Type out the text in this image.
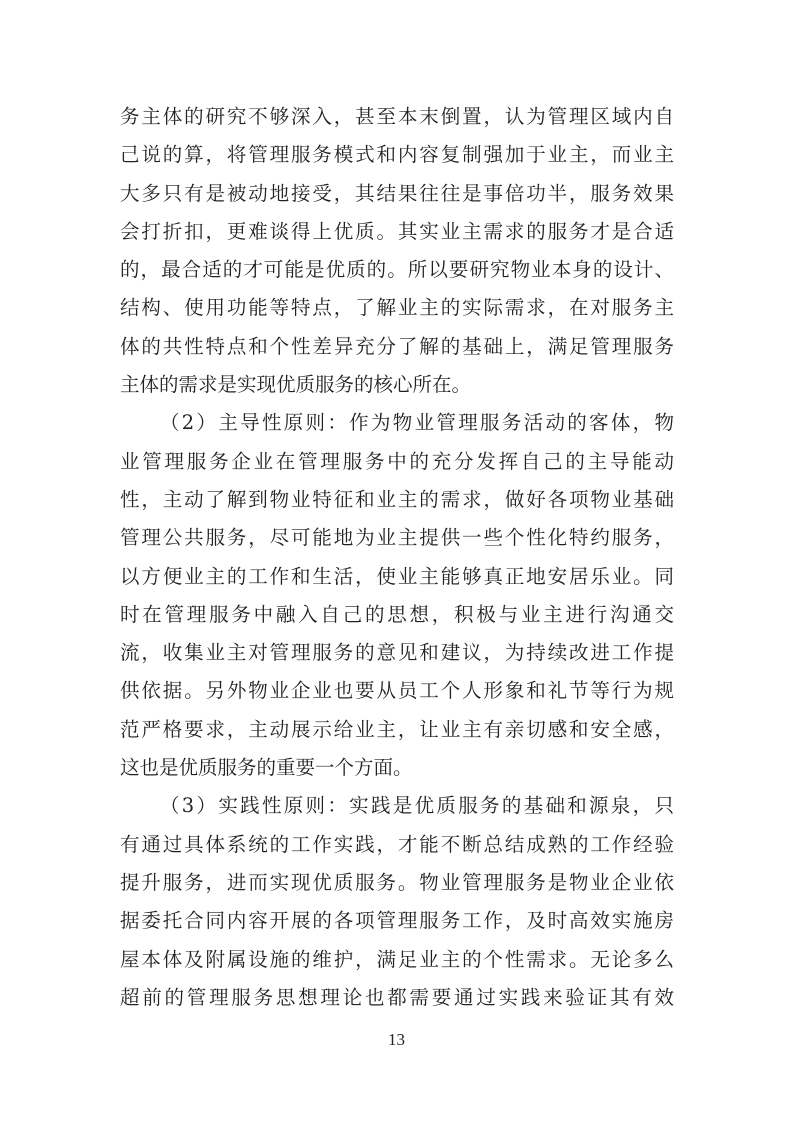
务主体的研究不够深入，甚至本末倒置，认为管理区域内自
己说的算，将管理服务模式和内容复制强加于业主，而业主
大多只有是被动地接受，其结果往往是事倍功半，服务效果
会打折扣，更难谈得上优质。其实业主需求的服务才是合适
的，最合适的才可能是优质的。所以要研究物业本身的设计、
结构、使用功能等特点，了解业主的实际需求，在对服务主
体的共性特点和个性差异充分了解的基础上，满足管理服务
主体的需求是实现优质服务的核心所在。
（2）主导性原则：作为物业管理服务活动的客体，物
业管理服务企业在管理服务中的充分发挥自己的主导能动
性，主动了解到物业特征和业主的需求，做好各项物业基础
管理公共服务，尽可能地为业主提供一些个性化特约服务，
以方便业主的工作和生活，使业主能够真正地安居乐业。同
时在管理服务中融入自己的思想，积极与业主进行沟通交
流，收集业主对管理服务的意见和建议，为持续改进工作提
供依据。另外物业企业也要从员工个人形象和礼节等行为规
范严格要求，主动展示给业主，让业主有亲切感和安全感，
这也是优质服务的重要一个方面。
（3）实践性原则：实践是优质服务的基础和源泉，只
有通过具体系统的工作实践，才能不断总结成熟的工作经验
提升服务，进而实现优质服务。物业管理服务是物业企业依
据委托合同内容开展的各项管理服务工作，及时高效实施房
屋本体及附属设施的维护，满足业主的个性需求。无论多么
超前的管理服务思想理论也都需要通过实践来验证其有效
13
